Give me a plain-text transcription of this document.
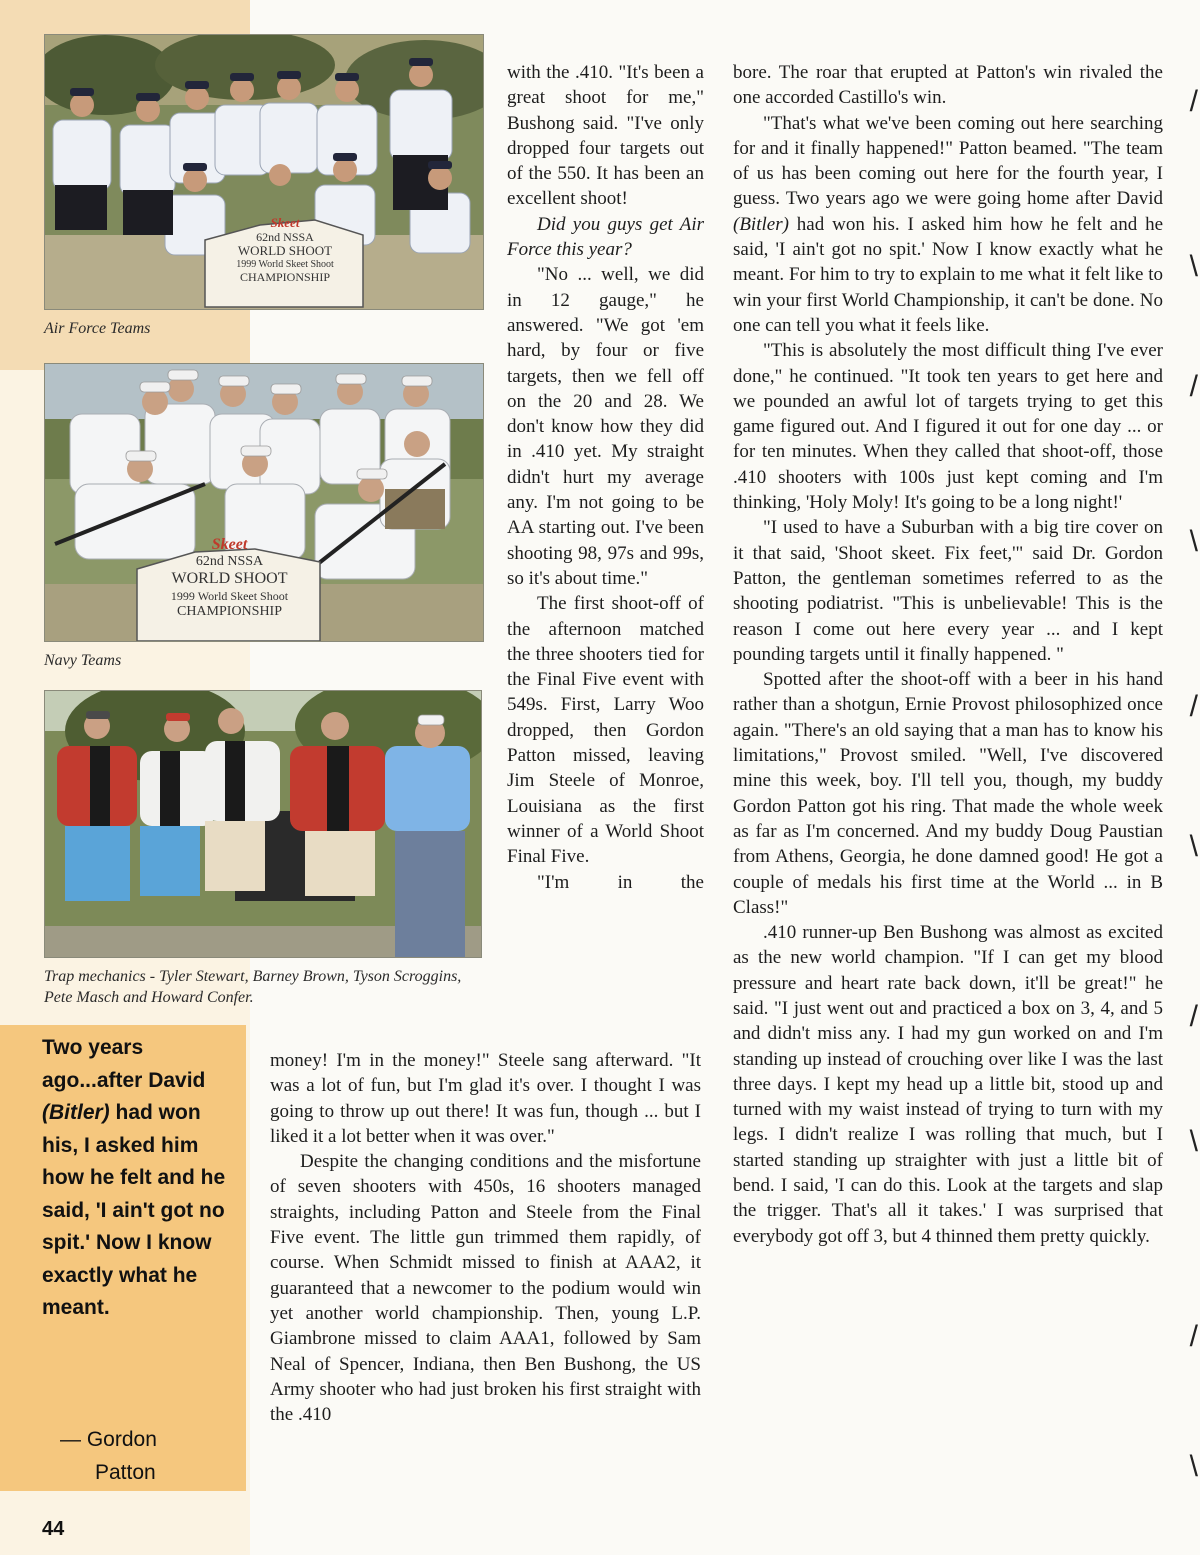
Skeet
62nd NSSA
WORLD SHOOT
1999 World Skeet Shoot
CHAMPIONSHIP
Air Force Teams
Skeet
62nd NSSA
WORLD SHOOT
1999 World Skeet Shoot
CHAMPIONSHIP
Navy Teams
Trap mechanics - Tyler Stewart, Barney Brown, Tyson Scroggins, Pete Masch and Howard Confer.

with the .410. "It's been a great shoot for me," Bushong said. "I've only dropped four targets out of the 550. It has been an excellent shoot!

Did you guys get Air Force this year?

"No ... well, we did in 12 gauge," he answered. "We got 'em hard, by four or five targets, then we fell off on the 20 and 28. We don't know how they did in .410 yet. My straight didn't hurt my average any. I'm not going to be AA starting out. I've been shooting 98, 97s and 99s, so it's about time."

The first shoot-off of the afternoon matched the three shooters tied for the Final Five event with 549s. First, Larry Woo dropped, then Gordon Patton missed, leaving Jim Steele of Monroe, Louisiana as the first winner of a World Shoot Final Five.

"I'm in the

money! I'm in the money!" Steele sang afterward. "It was a lot of fun, but I'm glad it's over. I thought I was going to throw up out there! It was fun, though ... but I liked it a lot better when it was over."

Despite the changing conditions and the misfortune of seven shooters with 450s, 16 shooters managed straights, including Patton and Steele from the Final Five event. The little gun trimmed them rapidly, of course. When Schmidt missed to finish at AAA2, it guaranteed that a newcomer to the podium would win yet another world championship. Then, young L.P. Giambrone missed to claim AAA1, followed by Sam Neal of Spencer, Indiana, then Ben Bushong, the US Army shooter who had just broken his first straight with the .410

bore. The roar that erupted at Patton's win rivaled the one accorded Castillo's win.

"That's what we've been coming out here searching for and it finally happened!" Patton beamed. "The team of us has been coming out here for the fourth year, I guess. Two years ago we were going home after David (Bitler) had won his. I asked him how he felt and he said, 'I ain't got no spit.' Now I know exactly what he meant. For him to try to explain to me what it felt like to win your first World Championship, it can't be done. No one can tell you what it feels like.

"This is absolutely the most difficult thing I've ever done," he continued. "It took ten years to get here and we pounded an awful lot of targets trying to get this game figured out. And I figured it out for one day ... or for ten minutes. When they called that shoot-off, those .410 shooters with 100s just kept coming and I'm thinking, 'Holy Moly! It's going to be a long night!'

"I used to have a Suburban with a big tire cover on it that said, 'Shoot skeet. Fix feet,'" said Dr. Gordon Patton, the gentleman sometimes referred to as the shooting podiatrist. "This is unbelievable! This is the reason I come out here every year ... and I kept pounding targets until it finally happened. "

Spotted after the shoot-off with a beer in his hand rather than a shotgun, Ernie Provost philosophized once again. "There's an old saying that a man has to know his limitations," Provost smiled. "Well, I've discovered mine this week, boy. I'll tell you, though, my buddy Gordon Patton got his ring. That made the whole week as far as I'm concerned. And my buddy Doug Paustian from Athens, Georgia, he done damned good! He got a couple of medals his first time at the World ... in B Class!"

.410 runner-up Ben Bushong was almost as excited as the new world champion. "If I can get my blood pressure and heart rate back down, it'll be great!" he said. "I just went out and practiced a box on 3, 4, and 5 and didn't miss any. I had my gun worked on and I'm standing up instead of crouching over like I was the last three days. I kept my head up a little bit, stood up and turned with my waist instead of trying to turn with my legs. I didn't realize I was rolling that much, but I started standing up straighter with just a little bit of bend. I said, 'I can do this. Look at the targets and slap the trigger. That's all it takes.' I was surprised that everybody got off 3, but 4 thinned them pretty quickly.

Two years ago...after David (Bitler) had won his, I asked him how he felt and he said, 'I ain't got no spit.' Now I know exactly what he meant.
— Gordon
Patton
44
/
\
/
\
/
\
/
\
/
\
